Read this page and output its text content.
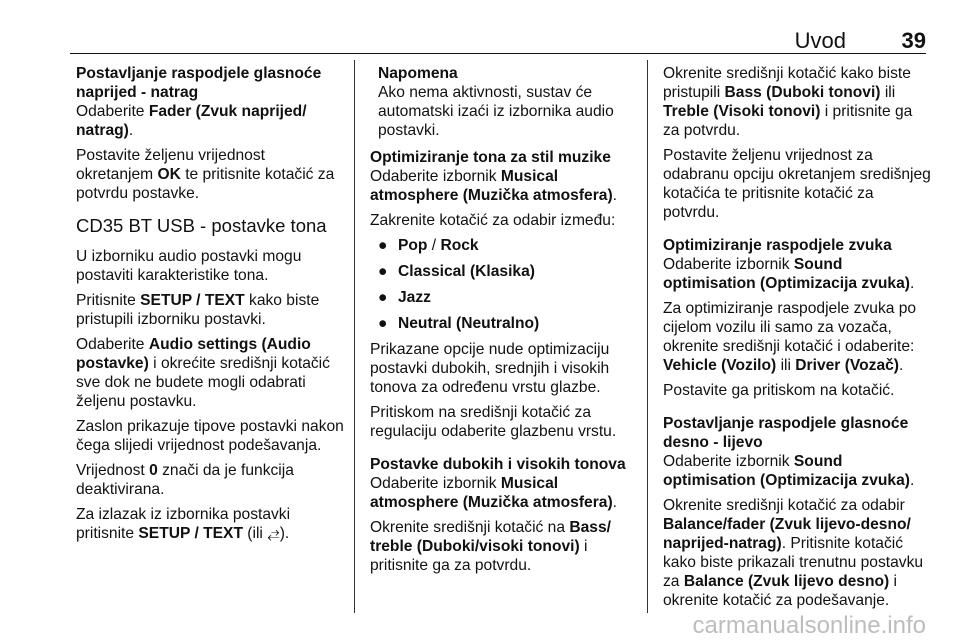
Uvod	39

Postavljanje raspodjele glasnoće naprijed - natrag

Odaberite Fader (Zvuk naprijed/ natrag).

Postavite željenu vrijednost okretanjem OK te pritisnite kotačić za potvrdu postavke.

CD35 BT USB - postavke tona

U izborniku audio postavki mogu postaviti karakteristike tona.

Pritisnite SETUP / TEXT kako biste pristupili izborniku postavki.

Odaberite Audio settings (Audio postavke) i okrećite središnji kotačić sve dok ne budete mogli odabrati željenu postavku.

Zaslon prikazuje tipove postavki nakon čega slijedi vrijednost podešavanja.

Vrijednost 0 znači da je funkcija deaktivirana.

Za izlazak iz izbornika postavki pritisnite SETUP / TEXT (ili ⥄).

Napomena
Ako nema aktivnosti, sustav će automatski izaći iz izbornika audio postavki.

Optimiziranje tona za stil muzike

Odaberite izbornik Musical atmosphere (Muzička atmosfera).

Zakrenite kotačić za odabir između:

● Pop / Rock
● Classical (Klasika)
● Jazz
● Neutral (Neutralno)

Prikazane opcije nude optimizaciju postavki dubokih, srednjih i visokih tonova za određenu vrstu glazbe.

Pritiskom na središnji kotačić za regulaciju odaberite glazbenu vrstu.

Postavke dubokih i visokih tonova

Odaberite izbornik Musical atmosphere (Muzička atmosfera).

Okrenite središnji kotačić na Bass/ treble (Duboki/visoki tonovi) i pritisnite ga za potvrdu.

Okrenite središnji kotačić kako biste pristupili Bass (Duboki tonovi) ili Treble (Visoki tonovi) i pritisnite ga za potvrdu.

Postavite željenu vrijednost za odabranu opciju okretanjem središnjeg kotačića te pritisnite kotačić za potvrdu.

Optimiziranje raspodjele zvuka

Odaberite izbornik Sound optimisation (Optimizacija zvuka).

Za optimiziranje raspodjele zvuka po cijelom vozilu ili samo za vozača, okrenite središnji kotačić i odaberite: Vehicle (Vozilo) ili Driver (Vozač).

Postavite ga pritiskom na kotačić.

Postavljanje raspodjele glasnoće desno - lijevo

Odaberite izbornik Sound optimisation (Optimizacija zvuka).

Okrenite središnji kotačić za odabir Balance/fader (Zvuk lijevo-desno/ naprijed-natrag). Pritisnite kotačić kako biste prikazali trenutnu postavku za Balance (Zvuk lijevo desno) i okrenite kotačić za podešavanje.

carmanualsonline.info
